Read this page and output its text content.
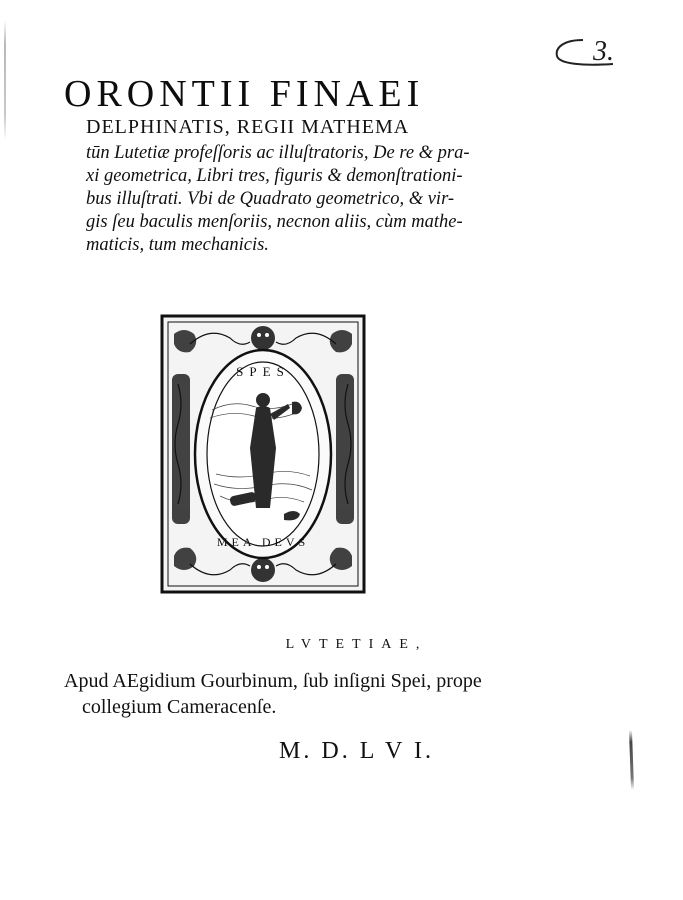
3.
ORONTII FINAEI
DELPHINATIS, REGII MATHEMA
tūn Lutetiæ profeſſoris ac illuſtratoris, De re & pra-
xi geometrica, Libri tres, figuris & demonſtrationi-
bus illuſtrati. Vbi de Quadrato geometrico, & vir-
gis ſeu baculis menſoriis, necnon aliis, cùm mathe-
maticis, tum mechanicis.
SPES
MEA DEVS
LVTETIAE,
Apud AEgidium Gourbinum, ſub inſigni Spei, prope
collegium Cameracenſe.
M. D. L V I.
